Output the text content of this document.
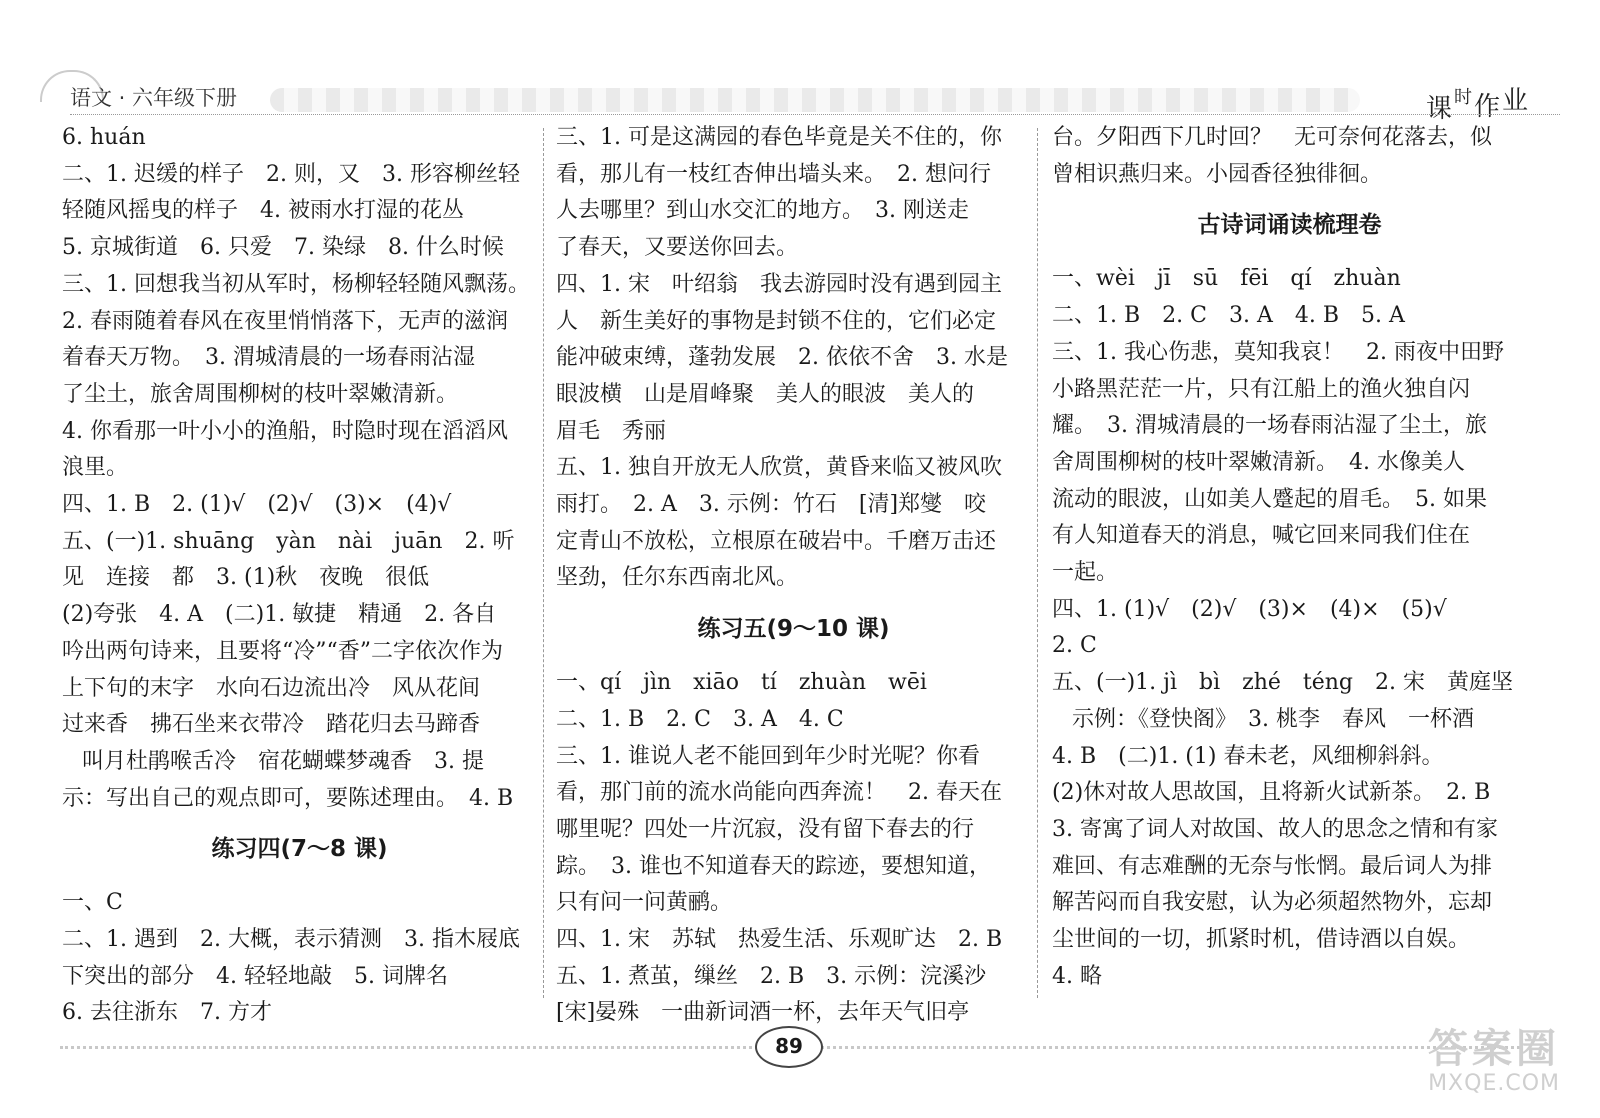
语文 · 六年级下册	课时作业

6. huán

二、1. 迟缓的样子　2. 则，又　3. 形容柳丝轻

轻随风摇曳的样子　4. 被雨水打湿的花丛

5. 京城街道　6. 只爱　7. 染绿　8. 什么时候

三、1. 回想我当初从军时，杨柳轻轻随风飘荡。

2. 春雨随着春风在夜里悄悄落下，无声的滋润

着春天万物。　3. 渭城清晨的一场春雨沾湿

了尘土，旅舍周围柳树的枝叶翠嫩清新。

4. 你看那一叶小小的渔船，时隐时现在滔滔风

浪里。

四、1. B　2. (1)√　(2)√　(3)×　(4)√

五、(一)1. shuāng　yàn　nài　juān　2. 听

见　连接　都　3. (1)秋　夜晚　很低

(2)夸张　4. A　(二)1. 敏捷　精通　2. 各自

吟出两句诗来，且要将“冷”“香”二字依次作为

上下句的末字　水向石边流出冷　风从花间

过来香　拂石坐来衣带冷　踏花归去马蹄香

叫月杜鹃喉舌冷　宿花蝴蝶梦魂香　3. 提

示：写出自己的观点即可，要陈述理由。　4. B

练习四(7～8 课)

一、C

二、1. 遇到　2. 大概，表示猜测　3. 指木屐底

下突出的部分　4. 轻轻地敲　5. 词牌名

6. 去往浙东　7. 方才

三、1. 可是这满园的春色毕竟是关不住的，你

看，那儿有一枝红杏伸出墙头来。　2. 想问行

人去哪里？到山水交汇的地方。　3. 刚送走

了春天，又要送你回去。

四、1. 宋　叶绍翁　我去游园时没有遇到园主

人　新生美好的事物是封锁不住的，它们必定

能冲破束缚，蓬勃发展　2. 依依不舍　3. 水是

眼波横　山是眉峰聚　美人的眼波　美人的

眉毛　秀丽

五、1. 独自开放无人欣赏，黄昏来临又被风吹

雨打。　2. A　3. 示例：竹石　[清]郑燮　咬

定青山不放松，立根原在破岩中。千磨万击还

坚劲，任尔东西南北风。

练习五(9～10 课)

一、qí　jìn　xiāo　tí　zhuàn　wēi

二、1. B　2. C　3. A　4. C

三、1. 谁说人老不能回到年少时光呢？你看

看，那门前的流水尚能向西奔流！　2. 春天在

哪里呢？四处一片沉寂，没有留下春去的行

踪。　3. 谁也不知道春天的踪迹，要想知道，

只有问一问黄鹂。

四、1. 宋　苏轼　热爱生活、乐观旷达　2. B

五、1. 煮茧，缫丝　2. B　3. 示例：浣溪沙

[宋]晏殊　一曲新词酒一杯，去年天气旧亭

台。夕阳西下几时回？　无可奈何花落去，似

曾相识燕归来。小园香径独徘徊。

古诗词诵读梳理卷

一、wèi　jī　sū　fēi　qí　zhuàn

二、1. B　2. C　3. A　4. B　5. A

三、1. 我心伤悲，莫知我哀！　2. 雨夜中田野

小路黑茫茫一片，只有江船上的渔火独自闪

耀。　3. 渭城清晨的一场春雨沾湿了尘土，旅

舍周围柳树的枝叶翠嫩清新。　4. 水像美人

流动的眼波，山如美人蹙起的眉毛。　5. 如果

有人知道春天的消息，喊它回来同我们住在

一起。

四、1. (1)√　(2)√　(3)×　(4)×　(5)√

2. C

五、(一)1. jì　bì　zhé　téng　2. 宋　黄庭坚

示例：《登快阁》　3. 桃李　春风　一杯酒

4. B　(二)1. (1) 春未老，风细柳斜斜。

(2)休对故人思故国，且将新火试新茶。　2. B

3. 寄寓了词人对故国、故人的思念之情和有家

难回、有志难酬的无奈与怅惘。最后词人为排

解苦闷而自我安慰，认为必须超然物外，忘却

尘世间的一切，抓紧时机，借诗酒以自娱。

4. 略

89	答案圈
MXQE.COM
